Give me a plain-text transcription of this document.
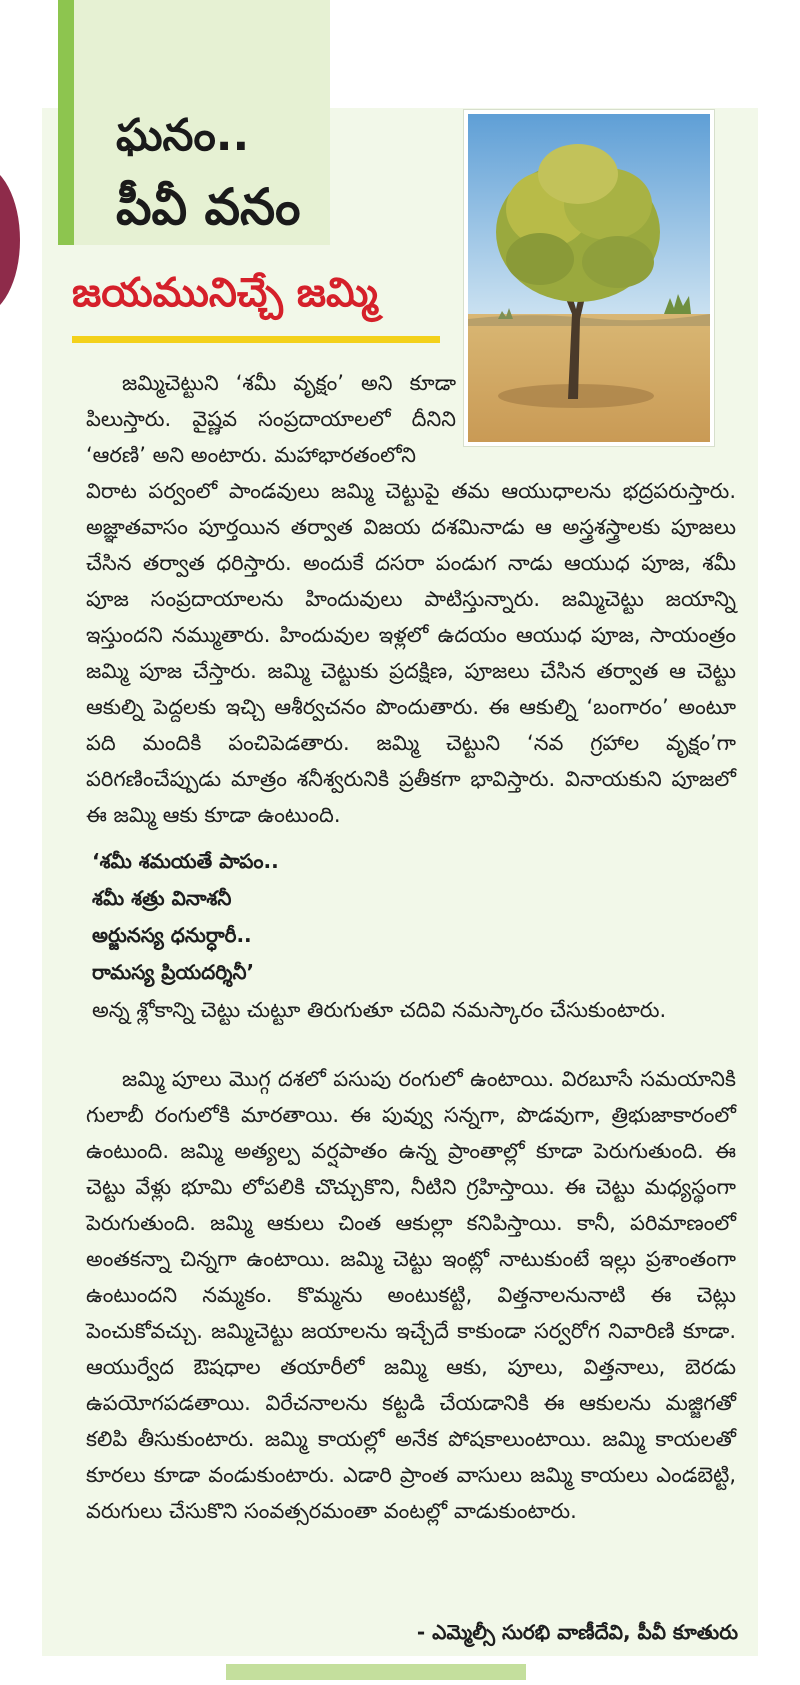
ఘనం..
పీవీ వనం
జయమునిచ్చే జమ్మి

జమ్మిచెట్టుని ‘శమీ వృక్షం’ అని కూడా పిలుస్తారు. వైష్ణవ సంప్రదాయాలలో దీనిని ‘ఆరణి’ అని అంటారు. మహాభారతంలోని

విరాట పర్వంలో పాండవులు జమ్మి చెట్టుపై తమ ఆయుధాలను భద్రపరుస్తారు. అజ్ఞాతవాసం పూర్తయిన తర్వాత విజయ దశమినాడు ఆ అస్త్రశస్త్రాలకు పూజలు చేసిన తర్వాత ధరిస్తారు. అందుకే దసరా పండుగ నాడు ఆయుధ పూజ, శమీ పూజ సంప్రదాయాలను హిందువులు పాటిస్తున్నారు. జమ్మిచెట్టు జయాన్ని ఇస్తుందని నమ్ముతారు. హిందువుల ఇళ్లలో ఉదయం ఆయుధ పూజ, సాయంత్రం జమ్మి పూజ చేస్తారు. జమ్మి చెట్టుకు ప్రదక్షిణ, పూజలు చేసిన తర్వాత ఆ చెట్టు ఆకుల్ని పెద్దలకు ఇచ్చి ఆశీర్వచనం పొందుతారు. ఈ ఆకుల్ని ‘బంగారం’ అంటూ పది మందికి పంచిపెడతారు. జమ్మి చెట్టుని ‘నవ గ్రహాల వృక్షం’గా పరిగణించేప్పుడు మాత్రం శనీశ్వరునికి ప్రతీకగా భావిస్తారు. వినాయకుని పూజలో ఈ జమ్మి ఆకు కూడా ఉంటుంది.

‘శమీ శమయతే పాపం..
శమీ శత్రు వినాశనీ
అర్జునస్య ధనుర్ధారీ..
రామస్య ప్రియదర్శినీ’

అన్న శ్లోకాన్ని చెట్టు చుట్టూ తిరుగుతూ చదివి నమస్కారం చేసుకుంటారు.

జమ్మి పూలు మొగ్గ దశలో పసుపు రంగులో ఉంటాయి. విరబూసే సమయానికి గులాబీ రంగులోకి మారతాయి. ఈ పువ్వు సన్నగా, పొడవుగా, త్రిభుజాకారంలో ఉంటుంది. జమ్మి అత్యల్ప వర్షపాతం ఉన్న ప్రాంతాల్లో కూడా పెరుగుతుంది. ఈ చెట్టు వేళ్లు భూమి లోపలికి చొచ్చుకొని, నీటిని గ్రహిస్తాయి. ఈ చెట్టు మధ్యస్థంగా పెరుగుతుంది. జమ్మి ఆకులు చింత ఆకుల్లా కనిపిస్తాయి. కానీ, పరిమాణంలో అంతకన్నా చిన్నగా ఉంటాయి. జమ్మి చెట్టు ఇంట్లో నాటుకుంటే ఇల్లు ప్రశాంతంగా ఉంటుందని నమ్మకం. కొమ్మను అంటుకట్టి, విత్తనాలనునాటి ఈ చెట్లు పెంచుకోవచ్చు. జమ్మిచెట్టు జయాలను ఇచ్చేదే కాకుండా సర్వరోగ నివారిణి కూడా. ఆయుర్వేద ఔషధాల తయారీలో జమ్మి ఆకు, పూలు, విత్తనాలు, బెరడు ఉపయోగపడతాయి. విరేచనాలను కట్టడి చేయడానికి ఈ ఆకులను మజ్జిగతో కలిపి తీసుకుంటారు. జమ్మి కాయల్లో అనేక పోషకాలుంటాయి. జమ్మి కాయలతో కూరలు కూడా వండుకుంటారు. ఎడారి ప్రాంత వాసులు జమ్మి కాయలు ఎండబెట్టి, వరుగులు చేసుకొని సంవత్సరమంతా వంటల్లో వాడుకుంటారు.

- ఎమ్మెల్సీ సురభి వాణీదేవి, పీవీ కూతురు
